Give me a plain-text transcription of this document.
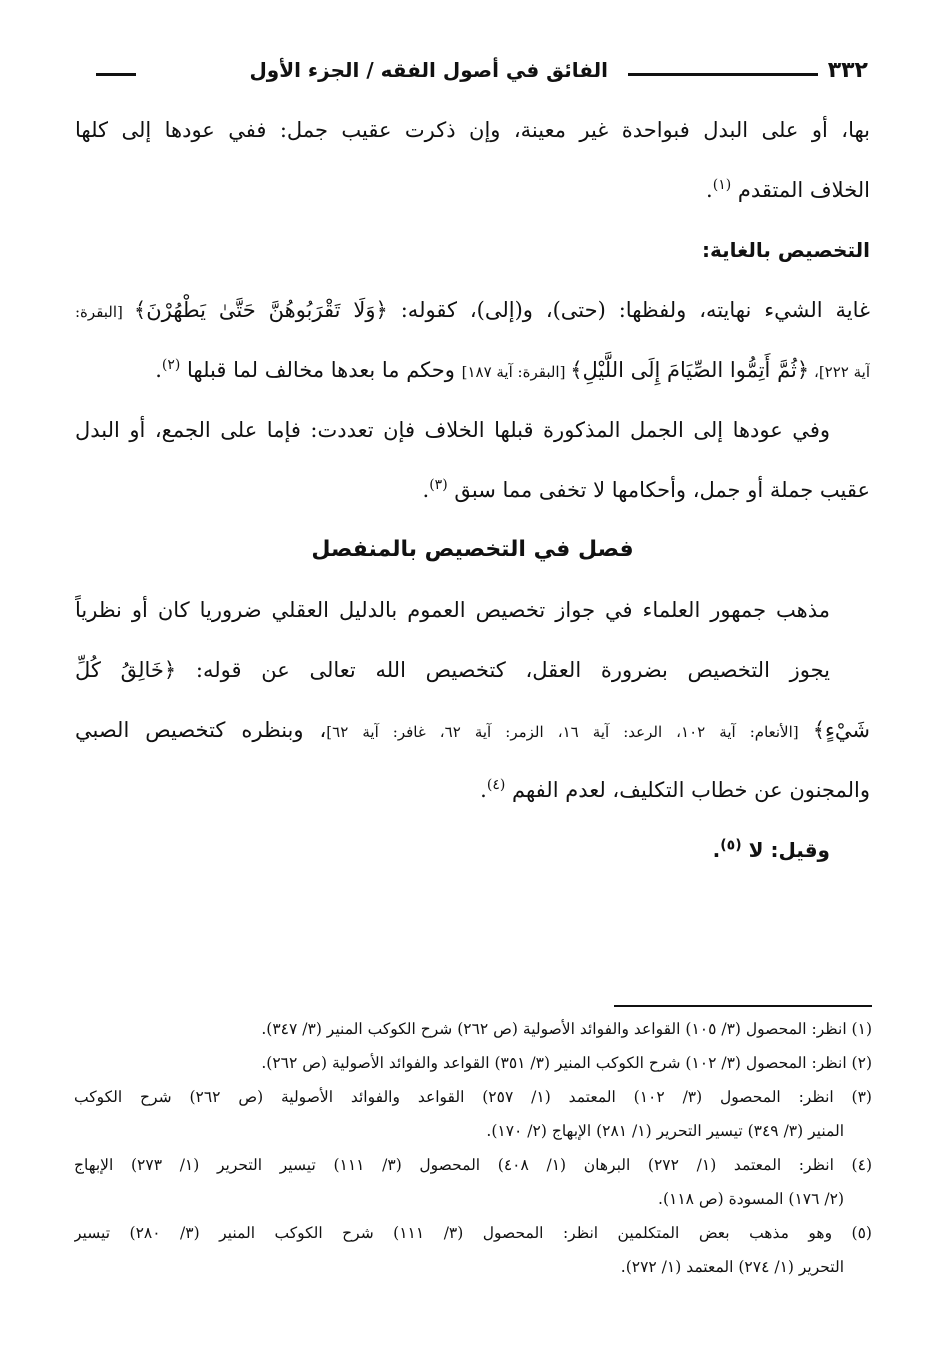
٣٣٢
الفائق في أصول الفقه / الجزء الأول
بها، أو على البدل فبواحدة غير معينة، وإن ذكرت عقيب جمل: ففي عودها إلى كلها
الخلاف المتقدم $^{(١)}$.
التخصيص بالغاية:
غاية الشيء نهايته، ولفظها: (حتى)، و(إلى)، كقوله: ﴿وَلَا تَقْرَبُوهُنَّ حَتَّىٰ يَطْهُرْنَ﴾ [البقرة:
آية ٢٢٢]، ﴿ثُمَّ أَتِمُّوا الصِّيَامَ إِلَى اللَّيْلِ﴾ [البقرة: آية ١٨٧] وحكم ما بعدها مخالف لما قبلها $^{(٢)}$.
وفي عودها إلى الجمل المذكورة قبلها الخلاف فإن تعددت: فإما على الجمع، أو البدل
عقيب جملة أو جمل، وأحكامها لا تخفى مما سبق $^{(٣)}$.
فصل في التخصيص بالمنفصل
مذهب جمهور العلماء في جواز تخصيص العموم بالدليل العقلي ضروريا كان أو نظرياً
يجوز التخصيص بضرورة العقل، كتخصيص الله تعالى عن قوله: ﴿خَالِقُ كُلِّ
شَيْءٍ﴾ [الأنعام: آية ١٠٢، الرعد: آية ١٦، الزمر: آية ٦٢، غافر: آية ٦٢]، وبنظره كتخصيص الصبي
والمجنون عن خطاب التكليف، لعدم الفهم $^{(٤)}$.
وقيل: لا $^{(٥)}$.
(١) انظر: المحصول (٣/ ١٠٥) القواعد والفوائد الأصولية (ص ٢٦٢) شرح الكوكب المنير (٣/ ٣٤٧).
(٢) انظر: المحصول (٣/ ١٠٢) شرح الكوكب المنير (٣/ ٣٥١) القواعد والفوائد الأصولية (ص ٢٦٢).
(٣) انظر: المحصول (٣/ ١٠٢) المعتمد (١/ ٢٥٧) القواعد والفوائد الأصولية (ص ٢٦٢) شرح الكوكب
المنير (٣/ ٣٤٩) تيسير التحرير (١/ ٢٨١) الإبهاج (٢/ ١٧٠).
(٤) انظر: المعتمد (١/ ٢٧٢) البرهان (١/ ٤٠٨) المحصول (٣/ ١١١) تيسير التحرير (١/ ٢٧٣) الإبهاج
(٢/ ١٧٦) المسودة (ص ١١٨).
(٥) وهو مذهب بعض المتكلمين انظر: المحصول (٣/ ١١١) شرح الكوكب المنير (٣/ ٢٨٠) تيسير
التحرير (١/ ٢٧٤) المعتمد (١/ ٢٧٢).
